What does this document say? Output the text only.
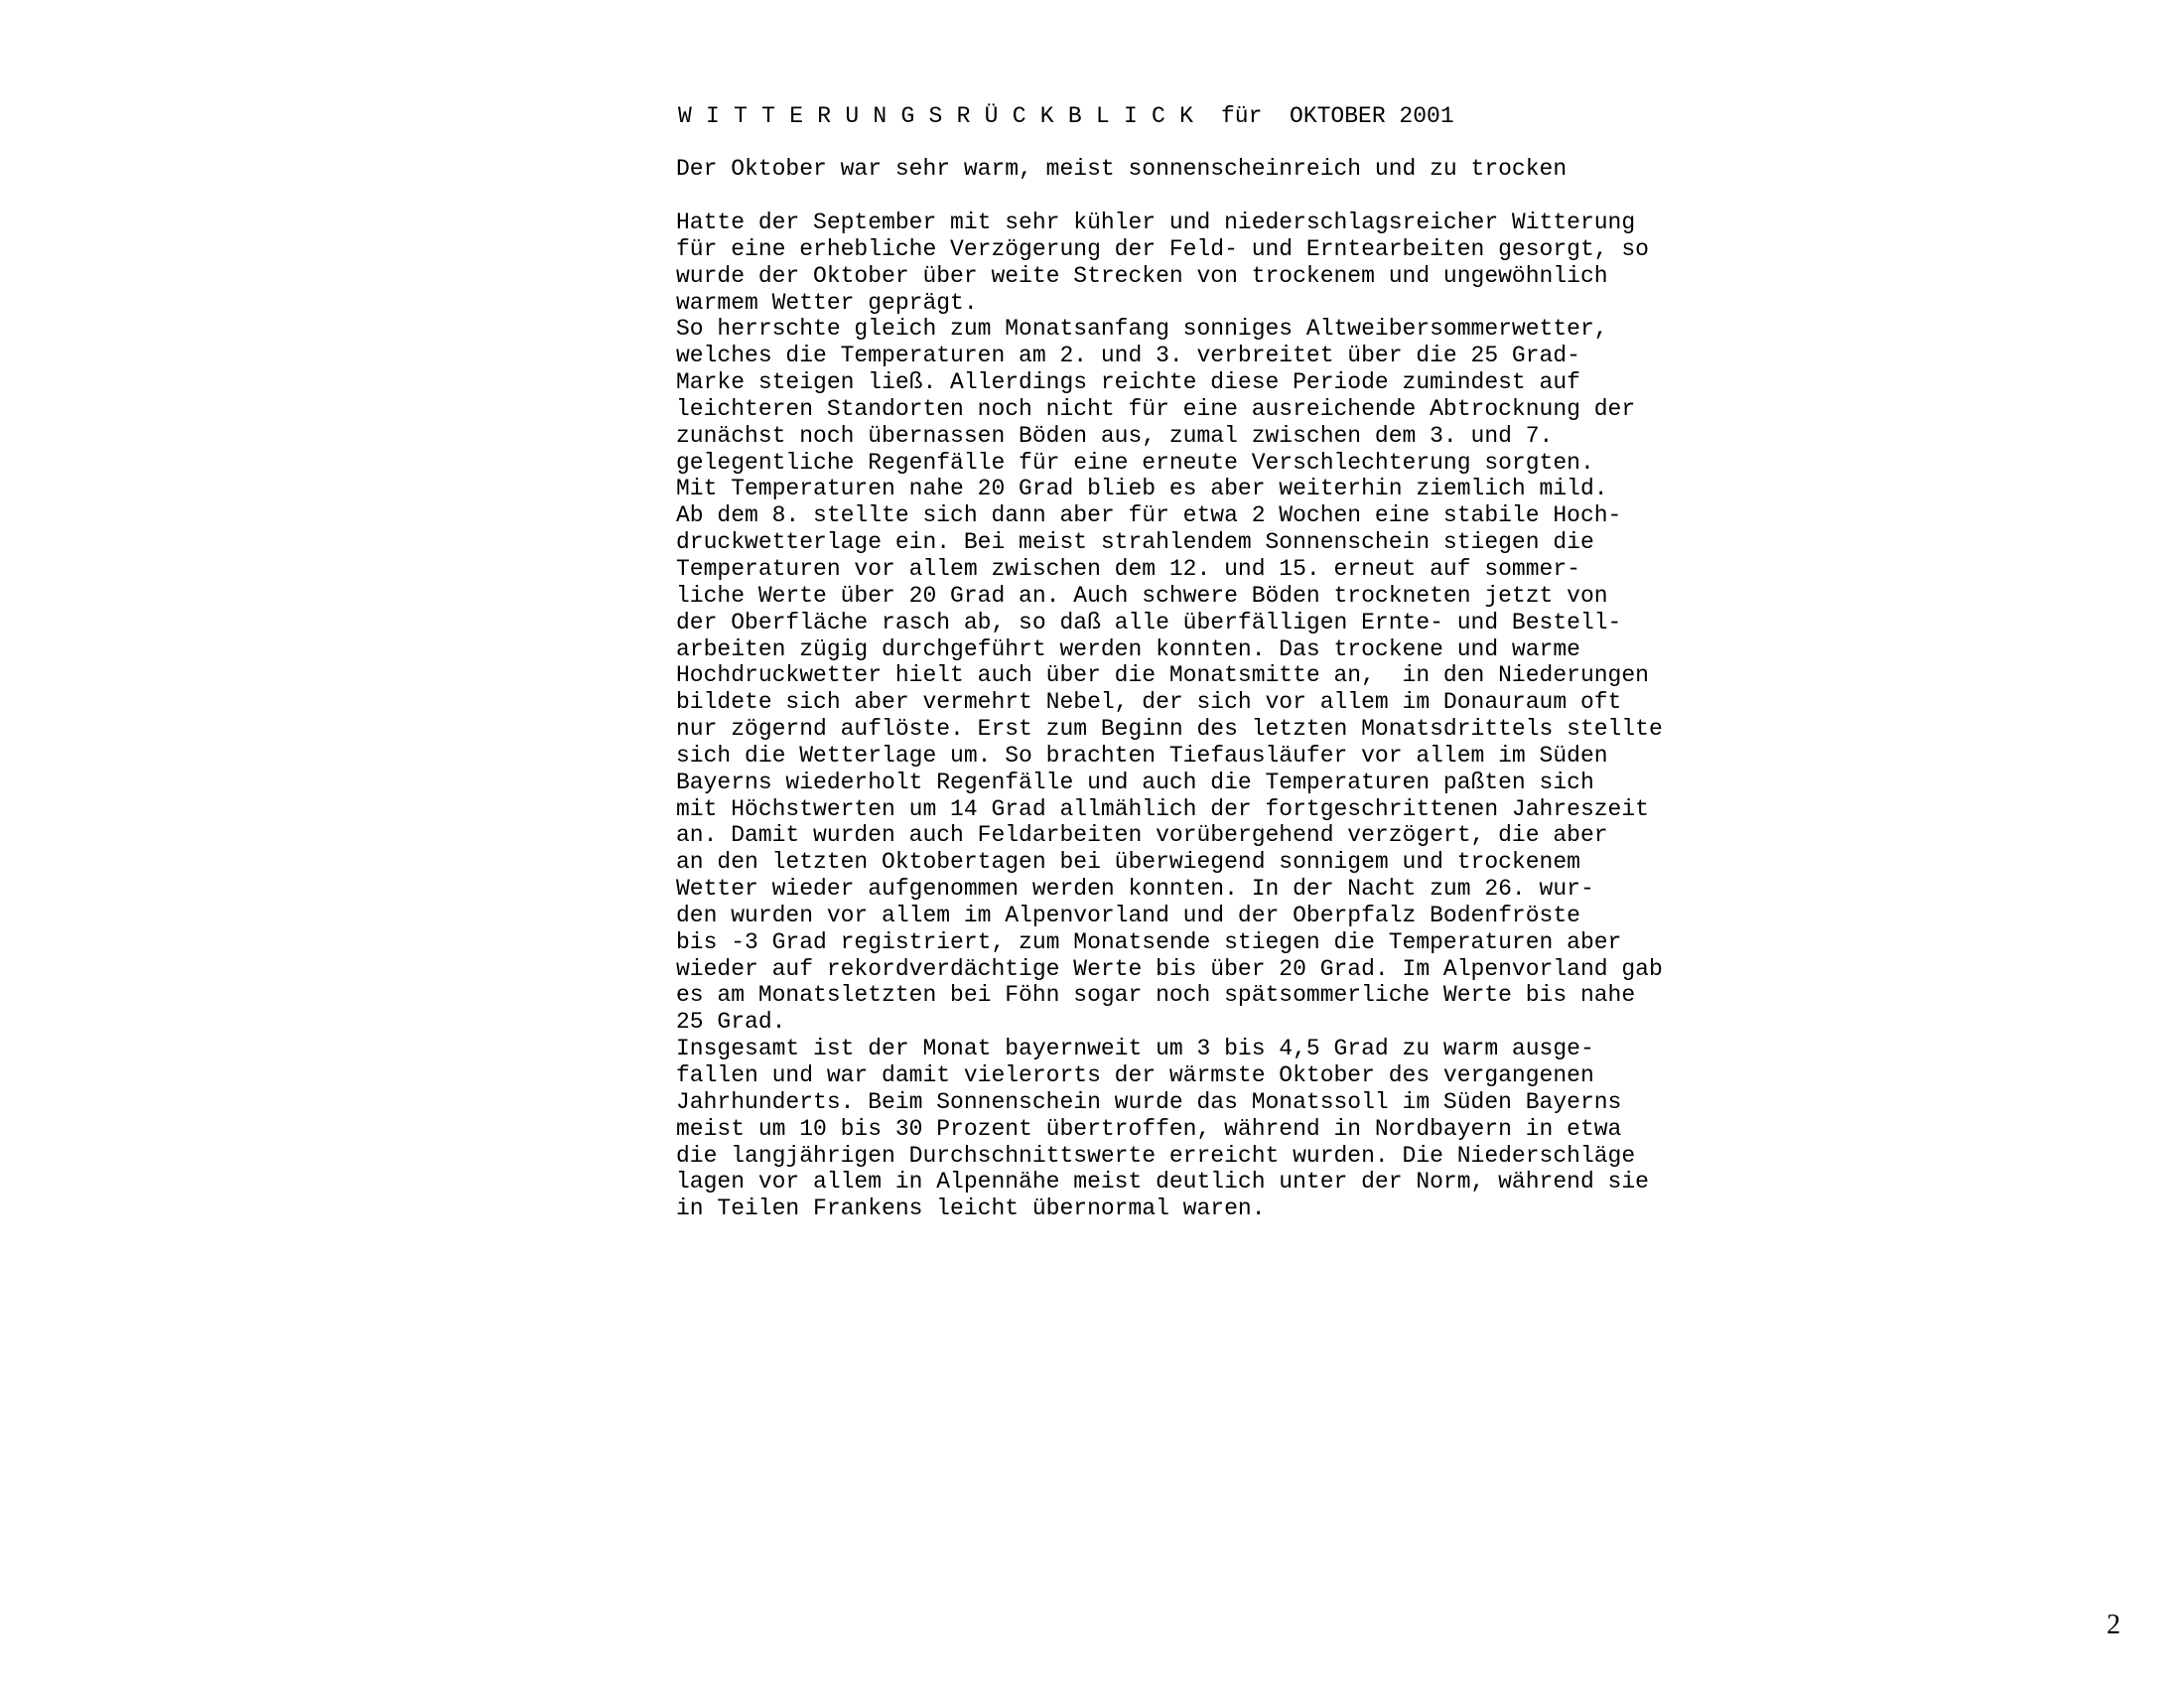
WITTERUNGSRÜCKBLICK für  OKTOBER 2001
Der Oktober war sehr warm, meist sonnenscheinreich und zu trocken
Hatte der September mit sehr kühler und niederschlagsreicher Witterung
für eine erhebliche Verzögerung der Feld- und Erntearbeiten gesorgt, so
wurde der Oktober über weite Strecken von trockenem und ungewöhnlich
warmem Wetter geprägt.
So herrschte gleich zum Monatsanfang sonniges Altweibersommerwetter,
welches die Temperaturen am 2. und 3. verbreitet über die 25 Grad-
Marke steigen ließ. Allerdings reichte diese Periode zumindest auf
leichteren Standorten noch nicht für eine ausreichende Abtrocknung der
zunächst noch übernassen Böden aus, zumal zwischen dem 3. und 7.
gelegentliche Regenfälle für eine erneute Verschlechterung sorgten.
Mit Temperaturen nahe 20 Grad blieb es aber weiterhin ziemlich mild.
Ab dem 8. stellte sich dann aber für etwa 2 Wochen eine stabile Hoch-
druckwetterlage ein. Bei meist strahlendem Sonnenschein stiegen die
Temperaturen vor allem zwischen dem 12. und 15. erneut auf sommer-
liche Werte über 20 Grad an. Auch schwere Böden trockneten jetzt von
der Oberfläche rasch ab, so daß alle überfälligen Ernte- und Bestell-
arbeiten zügig durchgeführt werden konnten. Das trockene und warme
Hochdruckwetter hielt auch über die Monatsmitte an,  in den Niederungen
bildete sich aber vermehrt Nebel, der sich vor allem im Donauraum oft
nur zögernd auflöste. Erst zum Beginn des letzten Monatsdrittels stellte
sich die Wetterlage um. So brachten Tiefausläufer vor allem im Süden
Bayerns wiederholt Regenfälle und auch die Temperaturen paßten sich
mit Höchstwerten um 14 Grad allmählich der fortgeschrittenen Jahreszeit
an. Damit wurden auch Feldarbeiten vorübergehend verzögert, die aber
an den letzten Oktobertagen bei überwiegend sonnigem und trockenem
Wetter wieder aufgenommen werden konnten. In der Nacht zum 26. wur-
den wurden vor allem im Alpenvorland und der Oberpfalz Bodenfröste
bis -3 Grad registriert, zum Monatsende stiegen die Temperaturen aber
wieder auf rekordverdächtige Werte bis über 20 Grad. Im Alpenvorland gab
es am Monatsletzten bei Föhn sogar noch spätsommerliche Werte bis nahe
25 Grad.
Insgesamt ist der Monat bayernweit um 3 bis 4,5 Grad zu warm ausge-
fallen und war damit vielerorts der wärmste Oktober des vergangenen
Jahrhunderts. Beim Sonnenschein wurde das Monatssoll im Süden Bayerns
meist um 10 bis 30 Prozent übertroffen, während in Nordbayern in etwa
die langjährigen Durchschnittswerte erreicht wurden. Die Niederschläge
lagen vor allem in Alpennähe meist deutlich unter der Norm, während sie
in Teilen Frankens leicht übernormal waren.
2
